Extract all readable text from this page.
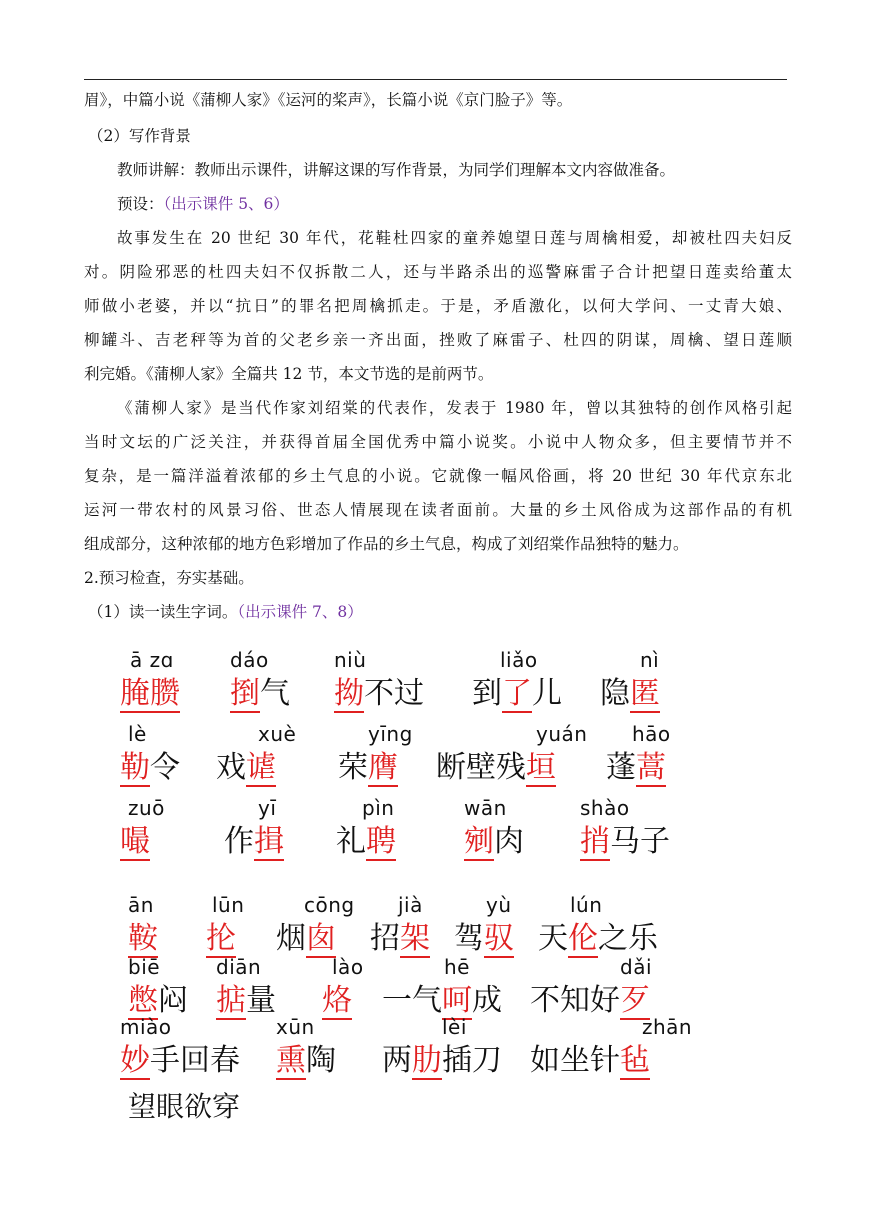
眉》，中篇小说《蒲柳人家》《运河的桨声》，长篇小说《京门脸子》等。
（2）写作背景
教师讲解：教师出示课件，讲解这课的写作背景，为同学们理解本文内容做准备。
预设：（出示课件 5、6）
故事发生在 20 世纪 30 年代，花鞋杜四家的童养媳望日莲与周檎相爱，却被杜四夫妇反
对。阴险邪恶的杜四夫妇不仅拆散二人，还与半路杀出的巡警麻雷子合计把望日莲卖给董太
师做小老婆，并以“抗日”的罪名把周檎抓走。于是，矛盾激化，以何大学问、一丈青大娘、
柳罐斗、吉老秤等为首的父老乡亲一齐出面，挫败了麻雷子、杜四的阴谋，周檎、望日莲顺
利完婚。《蒲柳人家》全篇共 12 节，本文节选的是前两节。
《蒲柳人家》是当代作家刘绍棠的代表作，发表于 1980 年，曾以其独特的创作风格引起
当时文坛的广泛关注，并获得首届全国优秀中篇小说奖。小说中人物众多，但主要情节并不
复杂，是一篇洋溢着浓郁的乡土气息的小说。它就像一幅风俗画，将 20 世纪 30 年代京东北
运河一带农村的风景习俗、世态人情展现在读者面前。大量的乡土风俗成为这部作品的有机
组成部分，这种浓郁的地方色彩增加了作品的乡土气息，构成了刘绍棠作品独特的魅力。
2.预习检查，夯实基础。
（1）读一读生字词。（出示课件 7、8）
ā zɑ
腌臜
dáo
捯气
niù
拗不过
liǎo
到了儿
nì
隐匿
lè
勒令
xuè
戏谑
yīng
荣膺
yuán
断壁残垣
hāo
蓬蒿
zuō
嘬
yī
作揖
pìn
礼聘
wān
剜肉
shào
捎马子
ān
鞍
lūn
抡
cōng
烟囱
jià
招架
yù
驾驭
lún
天伦之乐
biē
憋闷
diān
掂量
lào
烙
hē
一气呵成
dǎi
不知好歹
miào
妙手回春
xūn
熏陶
lèi
两肋插刀
zhān
如坐针毡
望眼欲穿
